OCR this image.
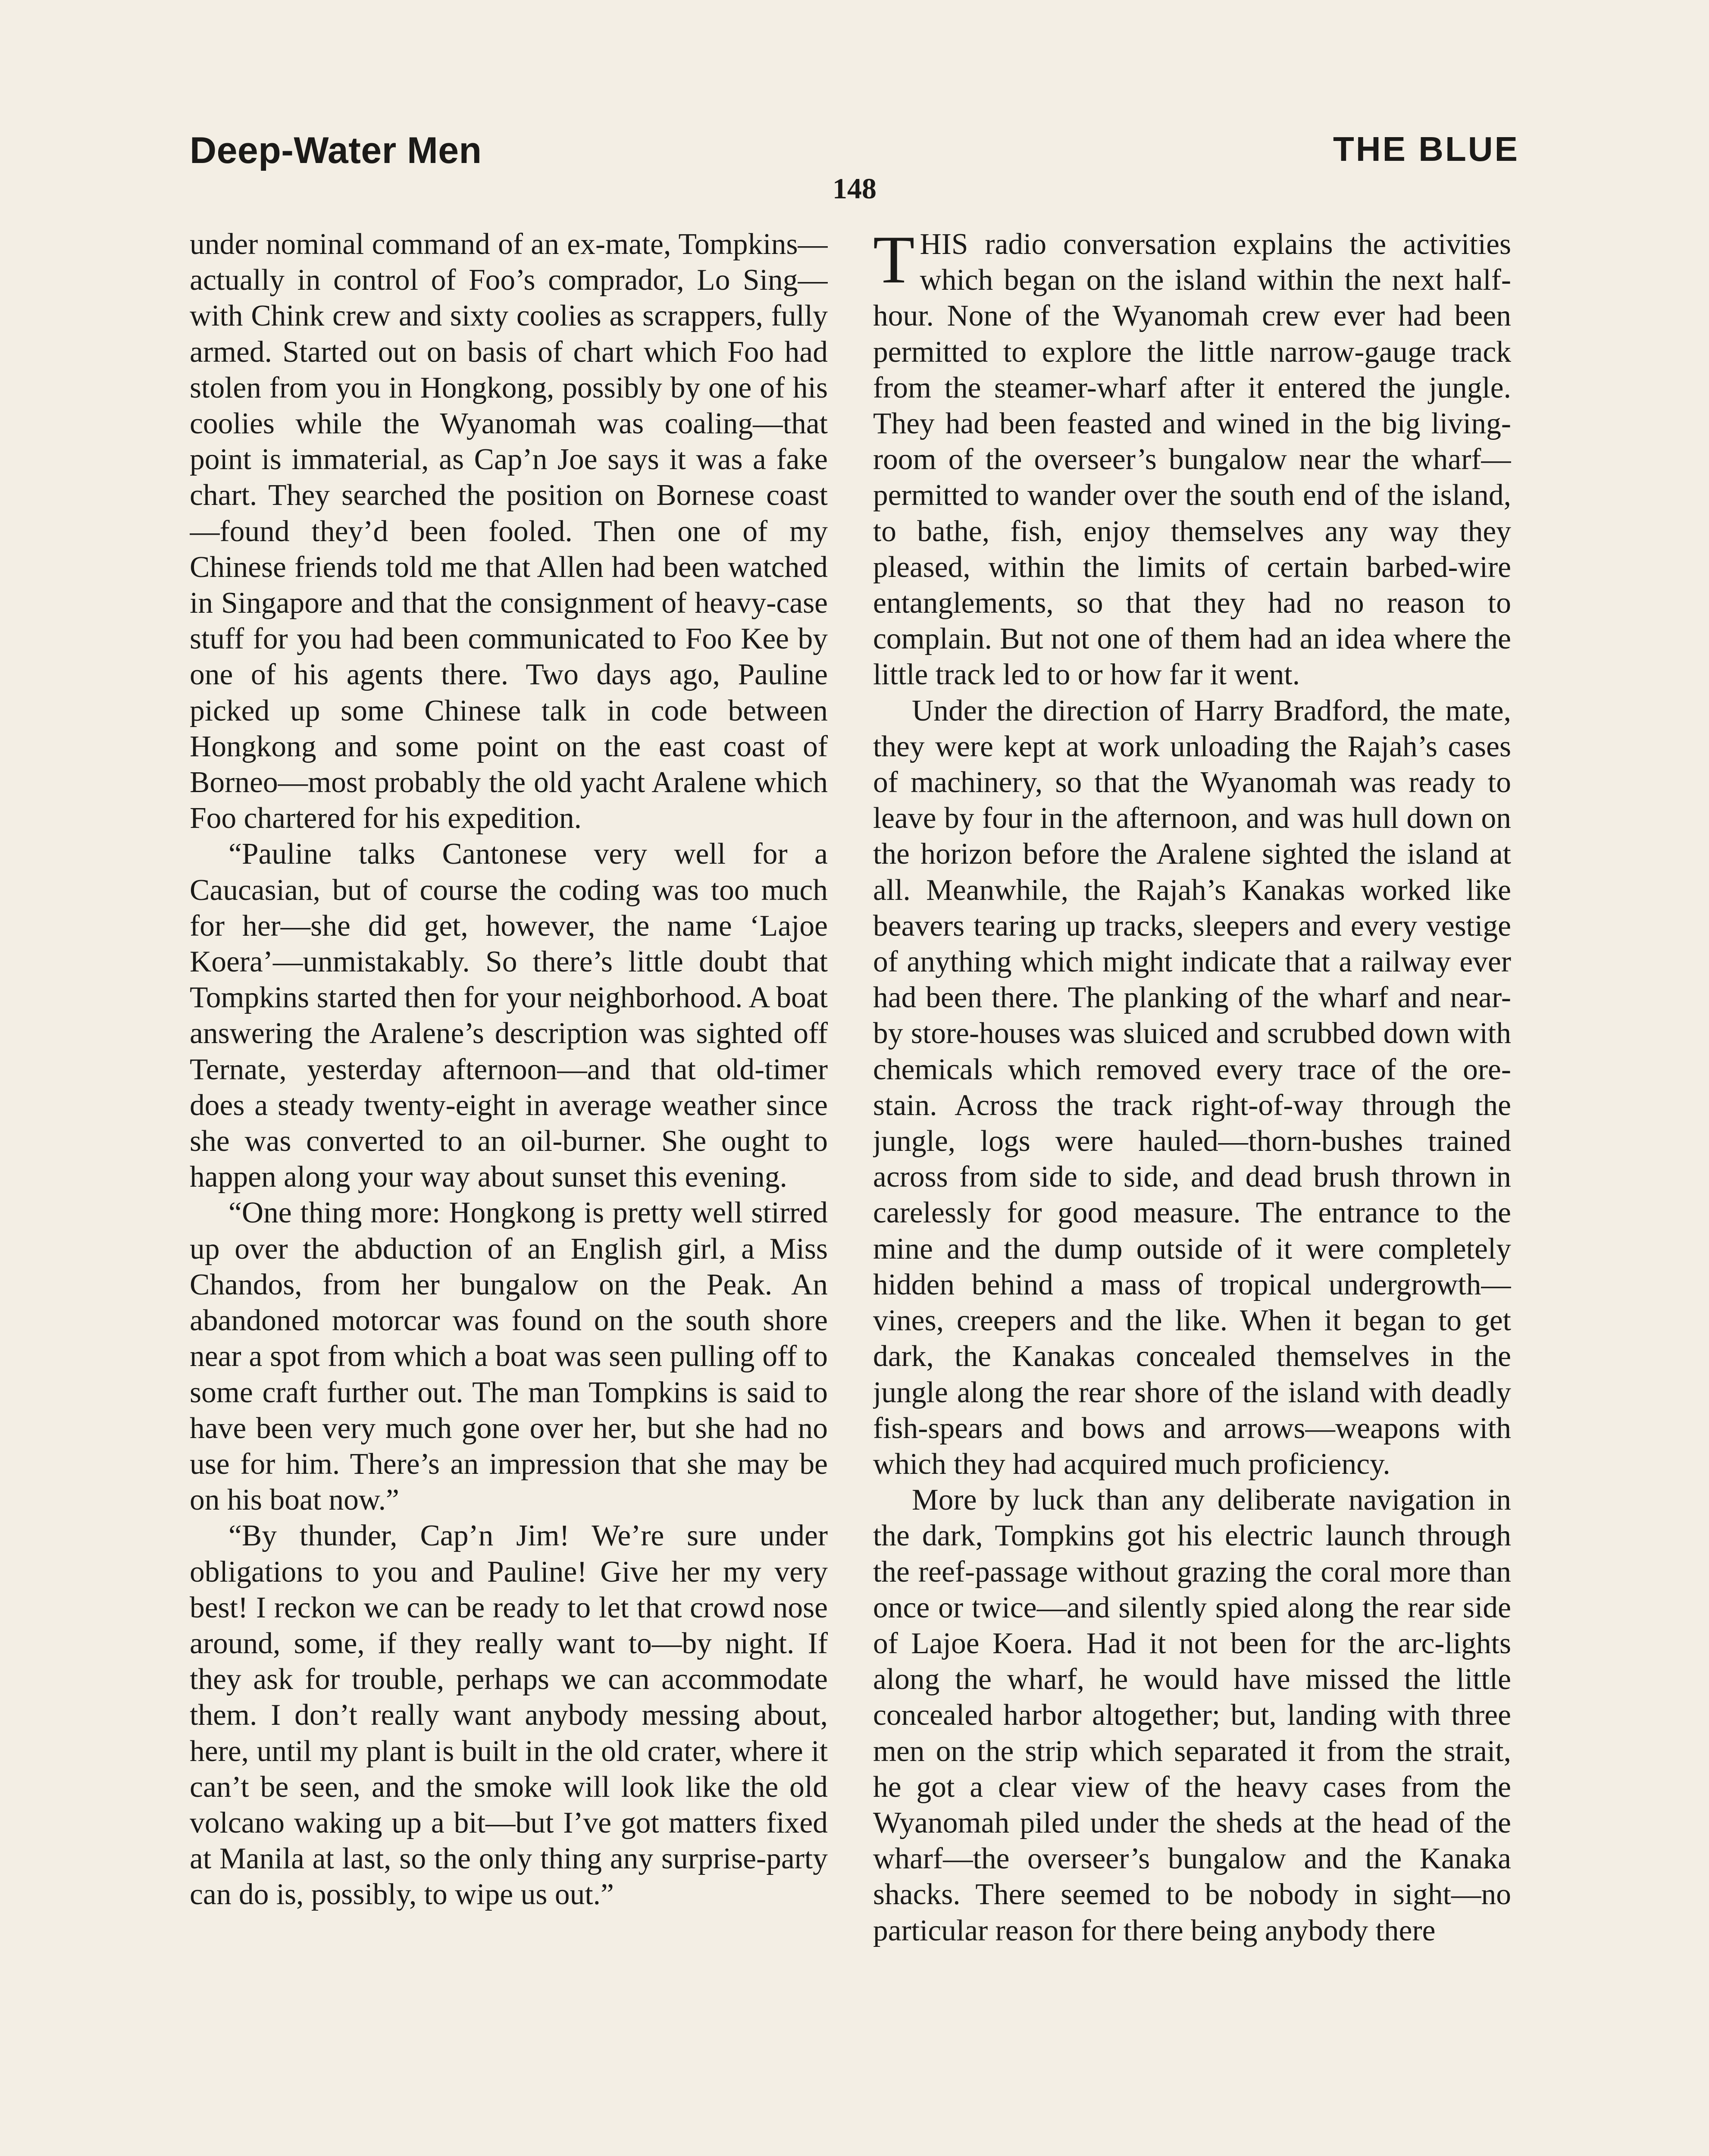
Deep-Water Men
148
THE BLUE

under nominal command of an ex-mate, Tompkins—actually in control of Foo’s comprador, Lo Sing—with Chink crew and sixty coolies as scrappers, fully armed. Started out on basis of chart which Foo had stolen from you in Hongkong, possibly by one of his coolies while the Wyanomah was coaling—that point is immaterial, as Cap’n Joe says it was a fake chart. They searched the position on Bornese coast—found they’d been fooled. Then one of my Chinese friends told me that Allen had been watched in Singapore and that the consignment of heavy-case stuff for you had been communicated to Foo Kee by one of his agents there. Two days ago, Pauline picked up some Chinese talk in code between Hongkong and some point on the east coast of Borneo—most probably the old yacht Aralene which Foo chartered for his expedition.

“Pauline talks Cantonese very well for a Caucasian, but of course the coding was too much for her—she did get, however, the name ‘Lajoe Koera’—unmistakably. So there’s little doubt that Tompkins started then for your neighborhood. A boat answering the Aralene’s description was sighted off Ternate, yesterday afternoon—and that old-timer does a steady twenty-eight in average weather since she was converted to an oil-burner. She ought to happen along your way about sunset this evening.

“One thing more: Hongkong is pretty well stirred up over the abduction of an English girl, a Miss Chandos, from her bungalow on the Peak. An abandoned motorcar was found on the south shore near a spot from which a boat was seen pulling off to some craft further out. The man Tompkins is said to have been very much gone over her, but she had no use for him. There’s an impression that she may be on his boat now.”

“By thunder, Cap’n Jim! We’re sure under obligations to you and Pauline! Give her my very best! I reckon we can be ready to let that crowd nose around, some, if they really want to—by night. If they ask for trouble, perhaps we can accommodate them. I don’t really want anybody messing about, here, until my plant is built in the old crater, where it can’t be seen, and the smoke will look like the old volcano waking up a bit—but I’ve got matters fixed at Manila at last, so the only thing any surprise-party can do is, possibly, to wipe us out.”

T HIS radio conversation explains the activities which began on the island within the next half-hour. None of the Wyanomah crew ever had been permitted to explore the little narrow-gauge track from the steamer-wharf after it entered the jungle. They had been feasted and wined in the big living-room of the overseer’s bungalow near the wharf—permitted to wander over the south end of the island, to bathe, fish, enjoy themselves any way they pleased, within the limits of certain barbed-wire entanglements, so that they had no reason to complain. But not one of them had an idea where the little track led to or how far it went.

Under the direction of Harry Bradford, the mate, they were kept at work unloading the Rajah’s cases of machinery, so that the Wyanomah was ready to leave by four in the afternoon, and was hull down on the horizon before the Aralene sighted the island at all. Meanwhile, the Rajah’s Kanakas worked like beavers tearing up tracks, sleepers and every vestige of anything which might indicate that a railway ever had been there. The planking of the wharf and near-by store-houses was sluiced and scrubbed down with chemicals which removed every trace of the ore-stain. Across the track right-of-way through the jungle, logs were hauled—thorn-bushes trained across from side to side, and dead brush thrown in carelessly for good measure. The entrance to the mine and the dump outside of it were completely hidden behind a mass of tropical undergrowth—vines, creepers and the like. When it began to get dark, the Kanakas concealed themselves in the jungle along the rear shore of the island with deadly fish-spears and bows and arrows—weapons with which they had acquired much proficiency.

More by luck than any deliberate navigation in the dark, Tompkins got his electric launch through the reef-passage without grazing the coral more than once or twice—and silently spied along the rear side of Lajoe Koera. Had it not been for the arc-lights along the wharf, he would have missed the little concealed harbor altogether; but, landing with three men on the strip which separated it from the strait, he got a clear view of the heavy cases from the Wyanomah piled under the sheds at the head of the wharf—the overseer’s bungalow and the Kanaka shacks. There seemed to be nobody in sight—no particular reason for there being anybody there
